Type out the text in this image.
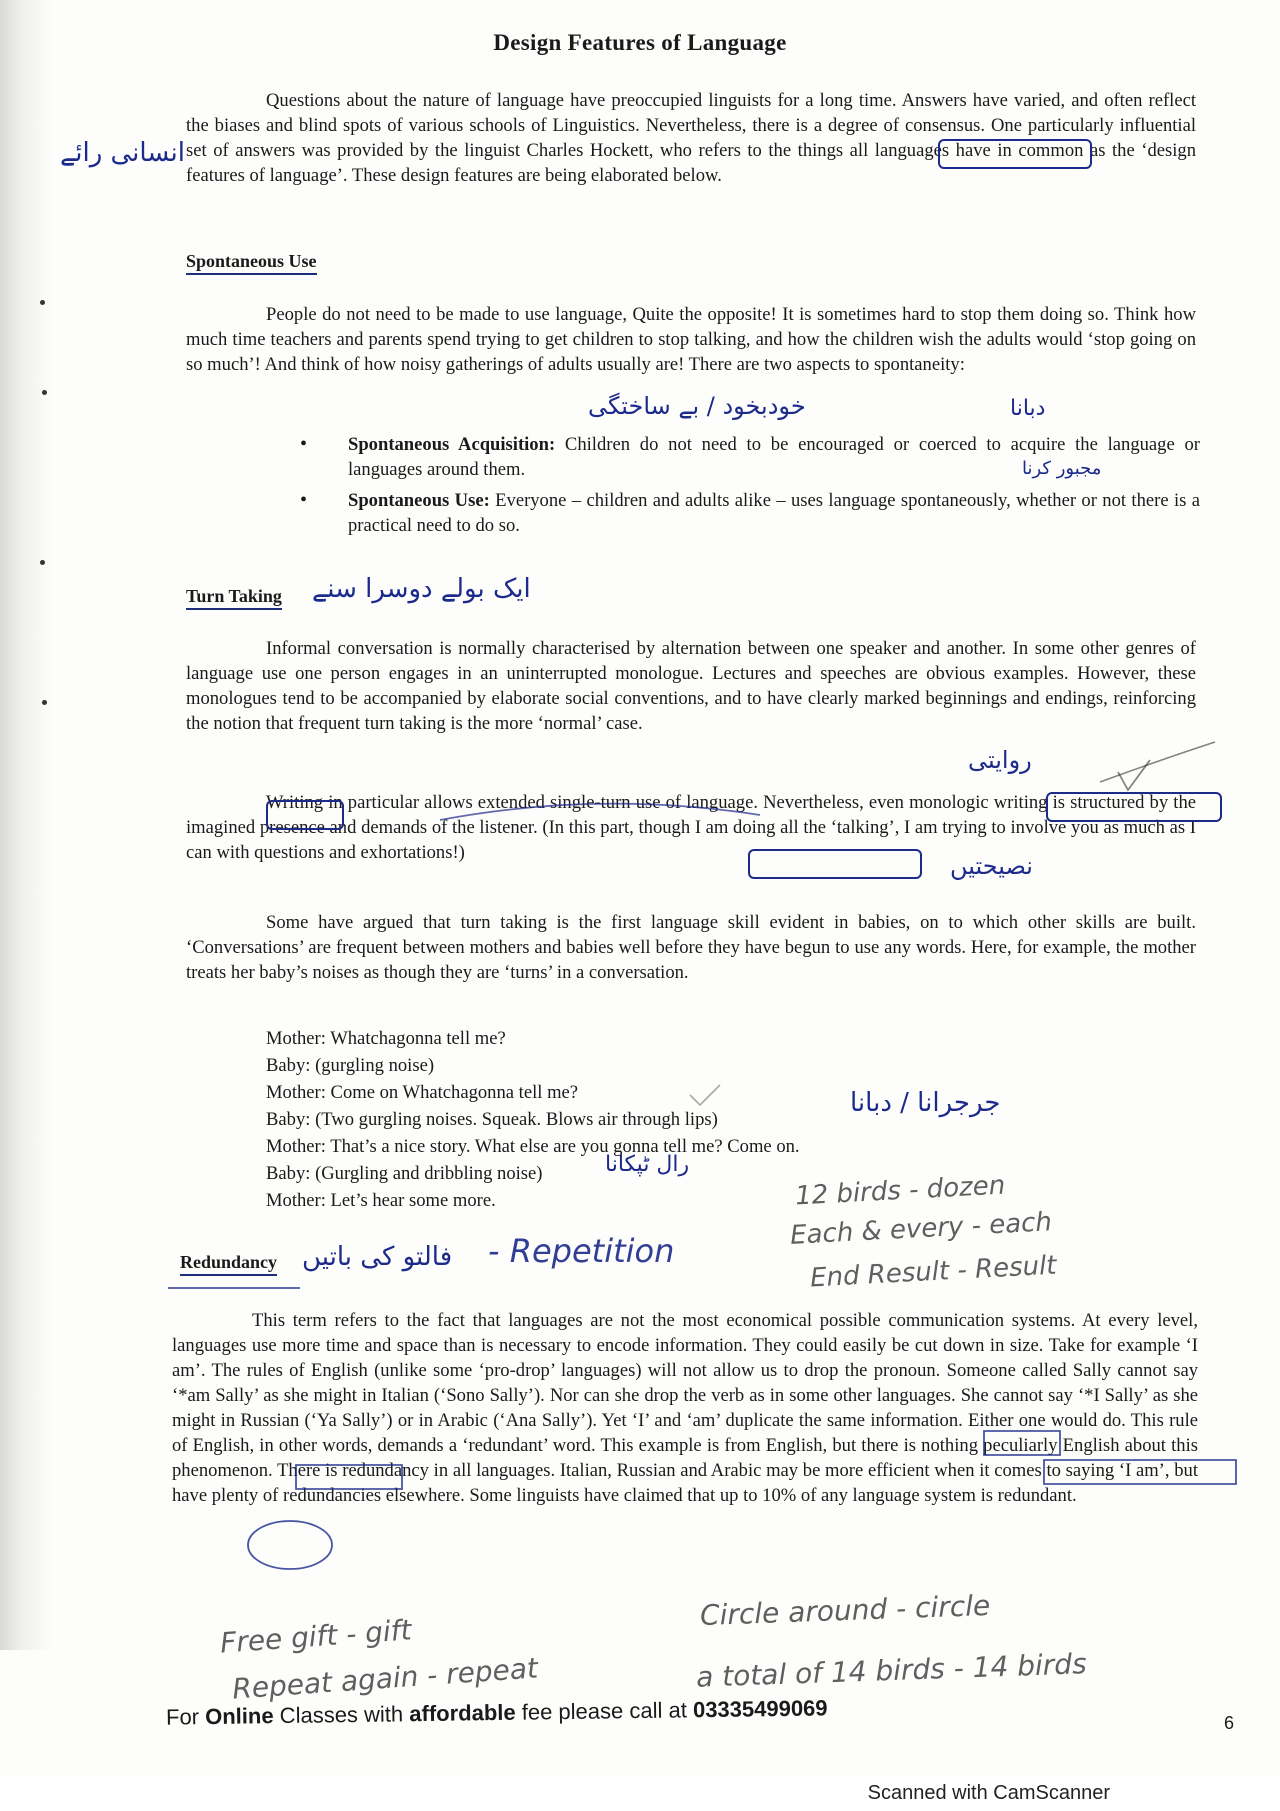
Design Features of Language

Questions about the nature of language have preoccupied linguists for a long time. Answers have varied, and often reflect the biases and blind spots of various schools of Linguistics. Nevertheless, there is a degree of consensus. One particularly influential set of answers was provided by the linguist Charles Hockett, who refers to the things all languages have in common as the ‘design features of language’. These design features are being elaborated below.

Spontaneous Use

People do not need to be made to use language, Quite the opposite! It is sometimes hard to stop them doing so. Think how much time teachers and parents spend trying to get children to stop talking, and how the children wish the adults would ‘stop going on so much’! And think of how noisy gatherings of adults usually are! There are two aspects to spontaneity:

• Spontaneous Acquisition: Children do not need to be encouraged or coerced to acquire the language or languages around them.
• Spontaneous Use: Everyone – children and adults alike – uses language spontaneously, whether or not there is a practical need to do so.
Turn Taking

Informal conversation is normally characterised by alternation between one speaker and another. In some other genres of language use one person engages in an uninterrupted monologue. Lectures and speeches are obvious examples. However, these monologues tend to be accompanied by elaborate social conventions, and to have clearly marked beginnings and endings, reinforcing the notion that frequent turn taking is the more ‘normal’ case.

Writing in particular allows extended single-turn use of language. Nevertheless, even monologic writing is structured by the imagined presence and demands of the listener. (In this part, though I am doing all the ‘talking’, I am trying to involve you as much as I can with questions and exhortations!)

Some have argued that turn taking is the first language skill evident in babies, on to which other skills are built. ‘Conversations’ are frequent between mothers and babies well before they have begun to use any words. Here, for example, the mother treats her baby’s noises as though they are ‘turns’ in a conversation.

Mother: Whatchagonna tell me?
Baby: (gurgling noise)
Mother: Come on Whatchagonna tell me?
Baby: (Two gurgling noises. Squeak. Blows air through lips)
Mother: That’s a nice story. What else are you gonna tell me? Come on.
Baby: (Gurgling and dribbling noise)
Mother: Let’s hear some more.
Redundancy

This term refers to the fact that languages are not the most economical possible communication systems. At every level, languages use more time and space than is necessary to encode information. They could easily be cut down in size. Take for example ‘I am’. The rules of English (unlike some ‘pro-drop’ languages) will not allow us to drop the pronoun. Someone called Sally cannot say ‘*am Sally’ as she might in Italian (‘Sono Sally’). Nor can she drop the verb as in some other languages. She cannot say ‘*I Sally’ as she might in Russian (‘Ya Sally’) or in Arabic (‘Ana Sally’). Yet ‘I’ and ‘am’ duplicate the same information. Either one would do. This rule of English, in other words, demands a ‘redundant’ word. This example is from English, but there is nothing peculiarly English about this phenomenon. There is redundancy in all languages. Italian, Russian and Arabic may be more efficient when it comes to saying ‘I am’, but have plenty of redundancies elsewhere. Some linguists have claimed that up to 10% of any language system is redundant.

- Repetition
12 birds - dozen
Each & every - each
End Result - Result
Free gift - gift
Repeat again - repeat
Circle around - circle
a total of 14 birds - 14 birds
انسانی رائے
خودبخود / بے ساختگی	دبانا
مجبور کرنا
ایک بولے دوسرا سنے
روایتی
نصیحتیں
جرجرانا / دبانا
رال ٹپکانا
فالتو کی باتیں
For Online Classes with affordable fee please call at 03335499069
6
Scanned with CamScanner
